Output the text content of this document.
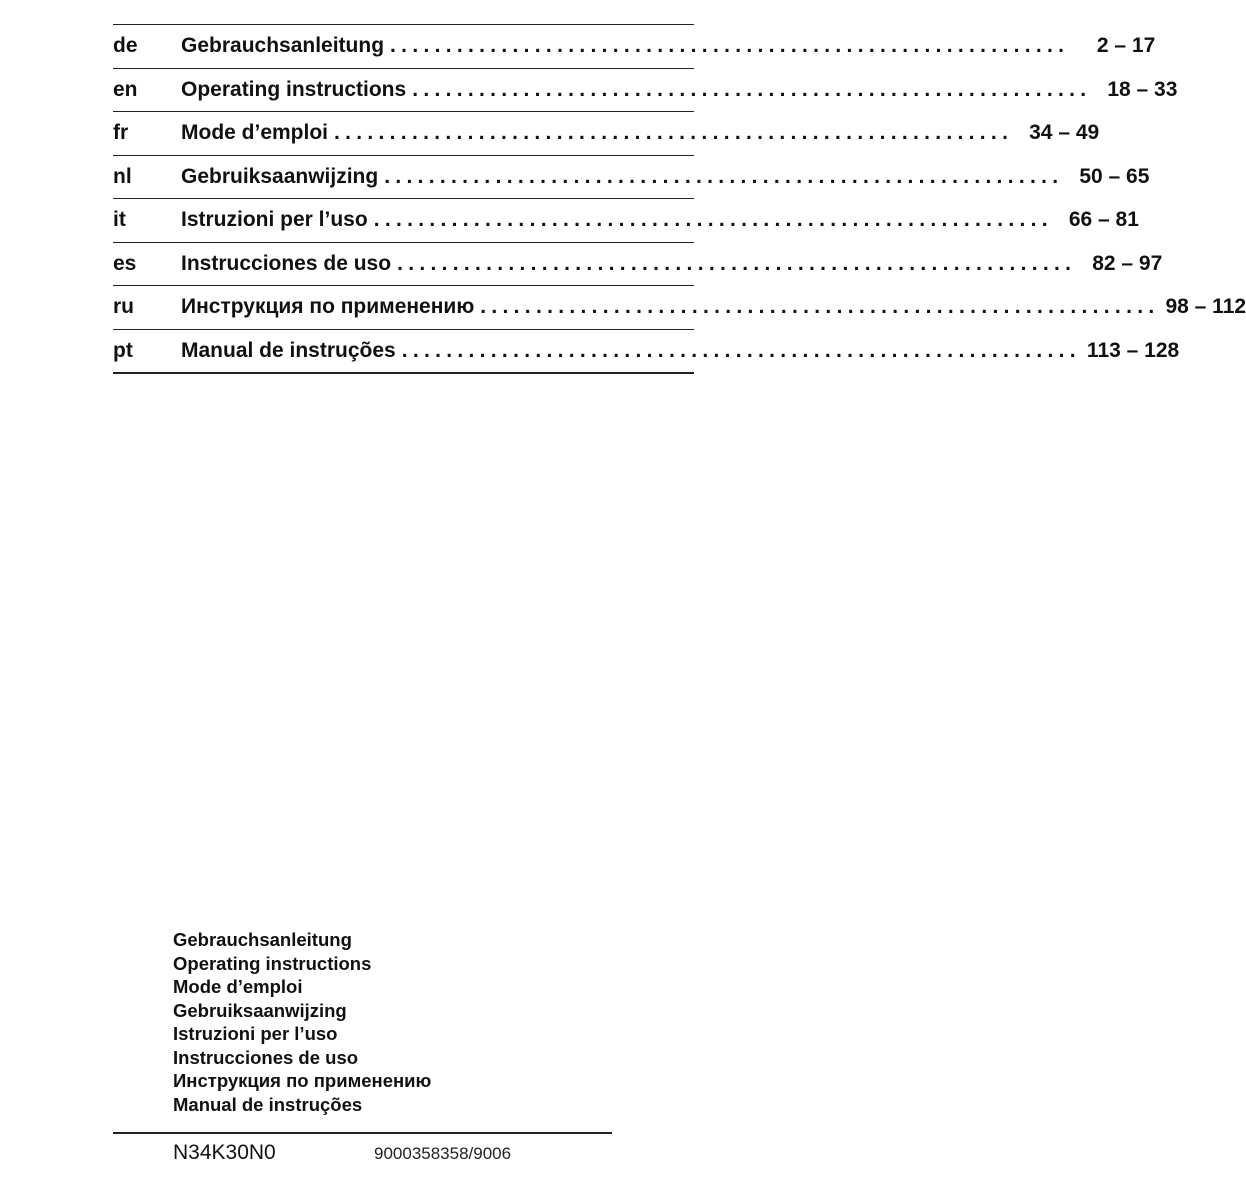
de	Gebrauchsanleitung .............................................................	2 – 17
en	Operating instructions ............................................................. 18 – 33
fr	Mode d’emploi ............................................................. 34 – 49
nl	Gebruiksaanwijzing ............................................................. 50 – 65
it	Istruzioni per l’uso ............................................................. 66 – 81
es	Instrucciones de uso ............................................................. 82 – 97
ru	Инструкция по применению ............................................................. 98 – 112
pt	Manual de instruções ............................................................. 113 – 128
Gebrauchsanleitung
Operating instructions
Mode d’emploi
Gebruiksaanwijzing
Istruzioni per l’uso
Instrucciones de uso
Инструкция по применению
Manual de instruções
N34K30N0	9000358358/9006
